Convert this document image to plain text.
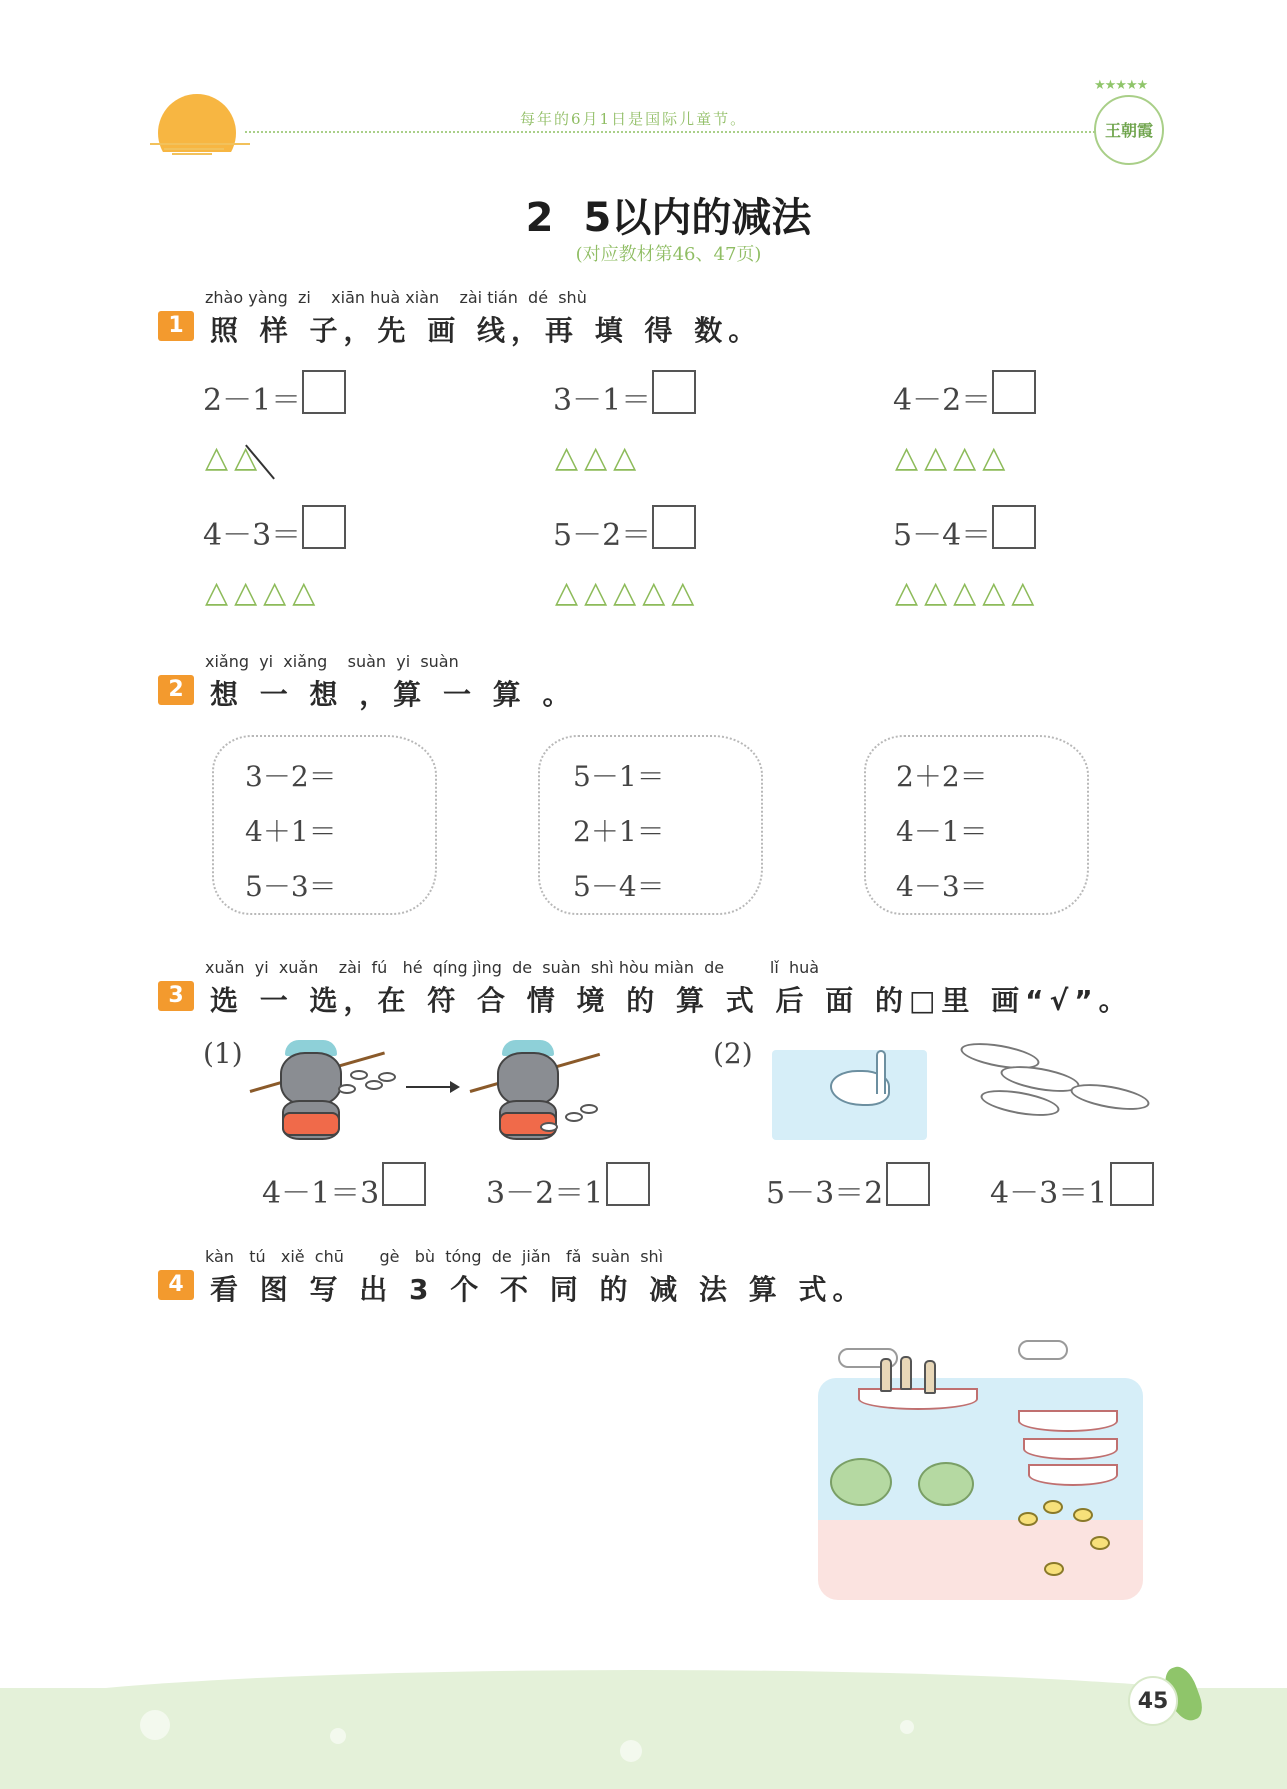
每年的6月1日是国际儿童节。
★★★★★
王朝霞
2 5以内的减法
(对应教材第46、47页)
zhào yàng  zi    xiān huà xiàn    zài tián  dé  shù
1 照 样 子，先 画 线，再 填 得 数。
2－1＝
△△
3－1＝
△△△
4－2＝
△△△△
4－3＝
△△△△
5－2＝
△△△△△
5－4＝
△△△△△
xiǎng  yi  xiǎng    suàn  yi  suàn
2 想 一 想 ，算 一 算 。
3－2＝
4＋1＝
5－3＝
5－1＝
2＋1＝
5－4＝
2＋2＝
4－1＝
4－3＝
xuǎn  yi  xuǎn    zài  fú   hé  qíng jìng  de  suàn  shì hòu miàn  de         lǐ  huà
3 选 一 选，在 符 合 情 境 的 算 式 后 面 的□里 画“√”。
(1)
4－1＝3	3－2＝1
(2)
5－3＝2	4－3＝1
kàn   tú   xiě  chū       gè   bù  tóng  de  jiǎn   fǎ  suàn  shì
4 看 图 写 出 3 个 不 同 的 减 法 算 式。
45
